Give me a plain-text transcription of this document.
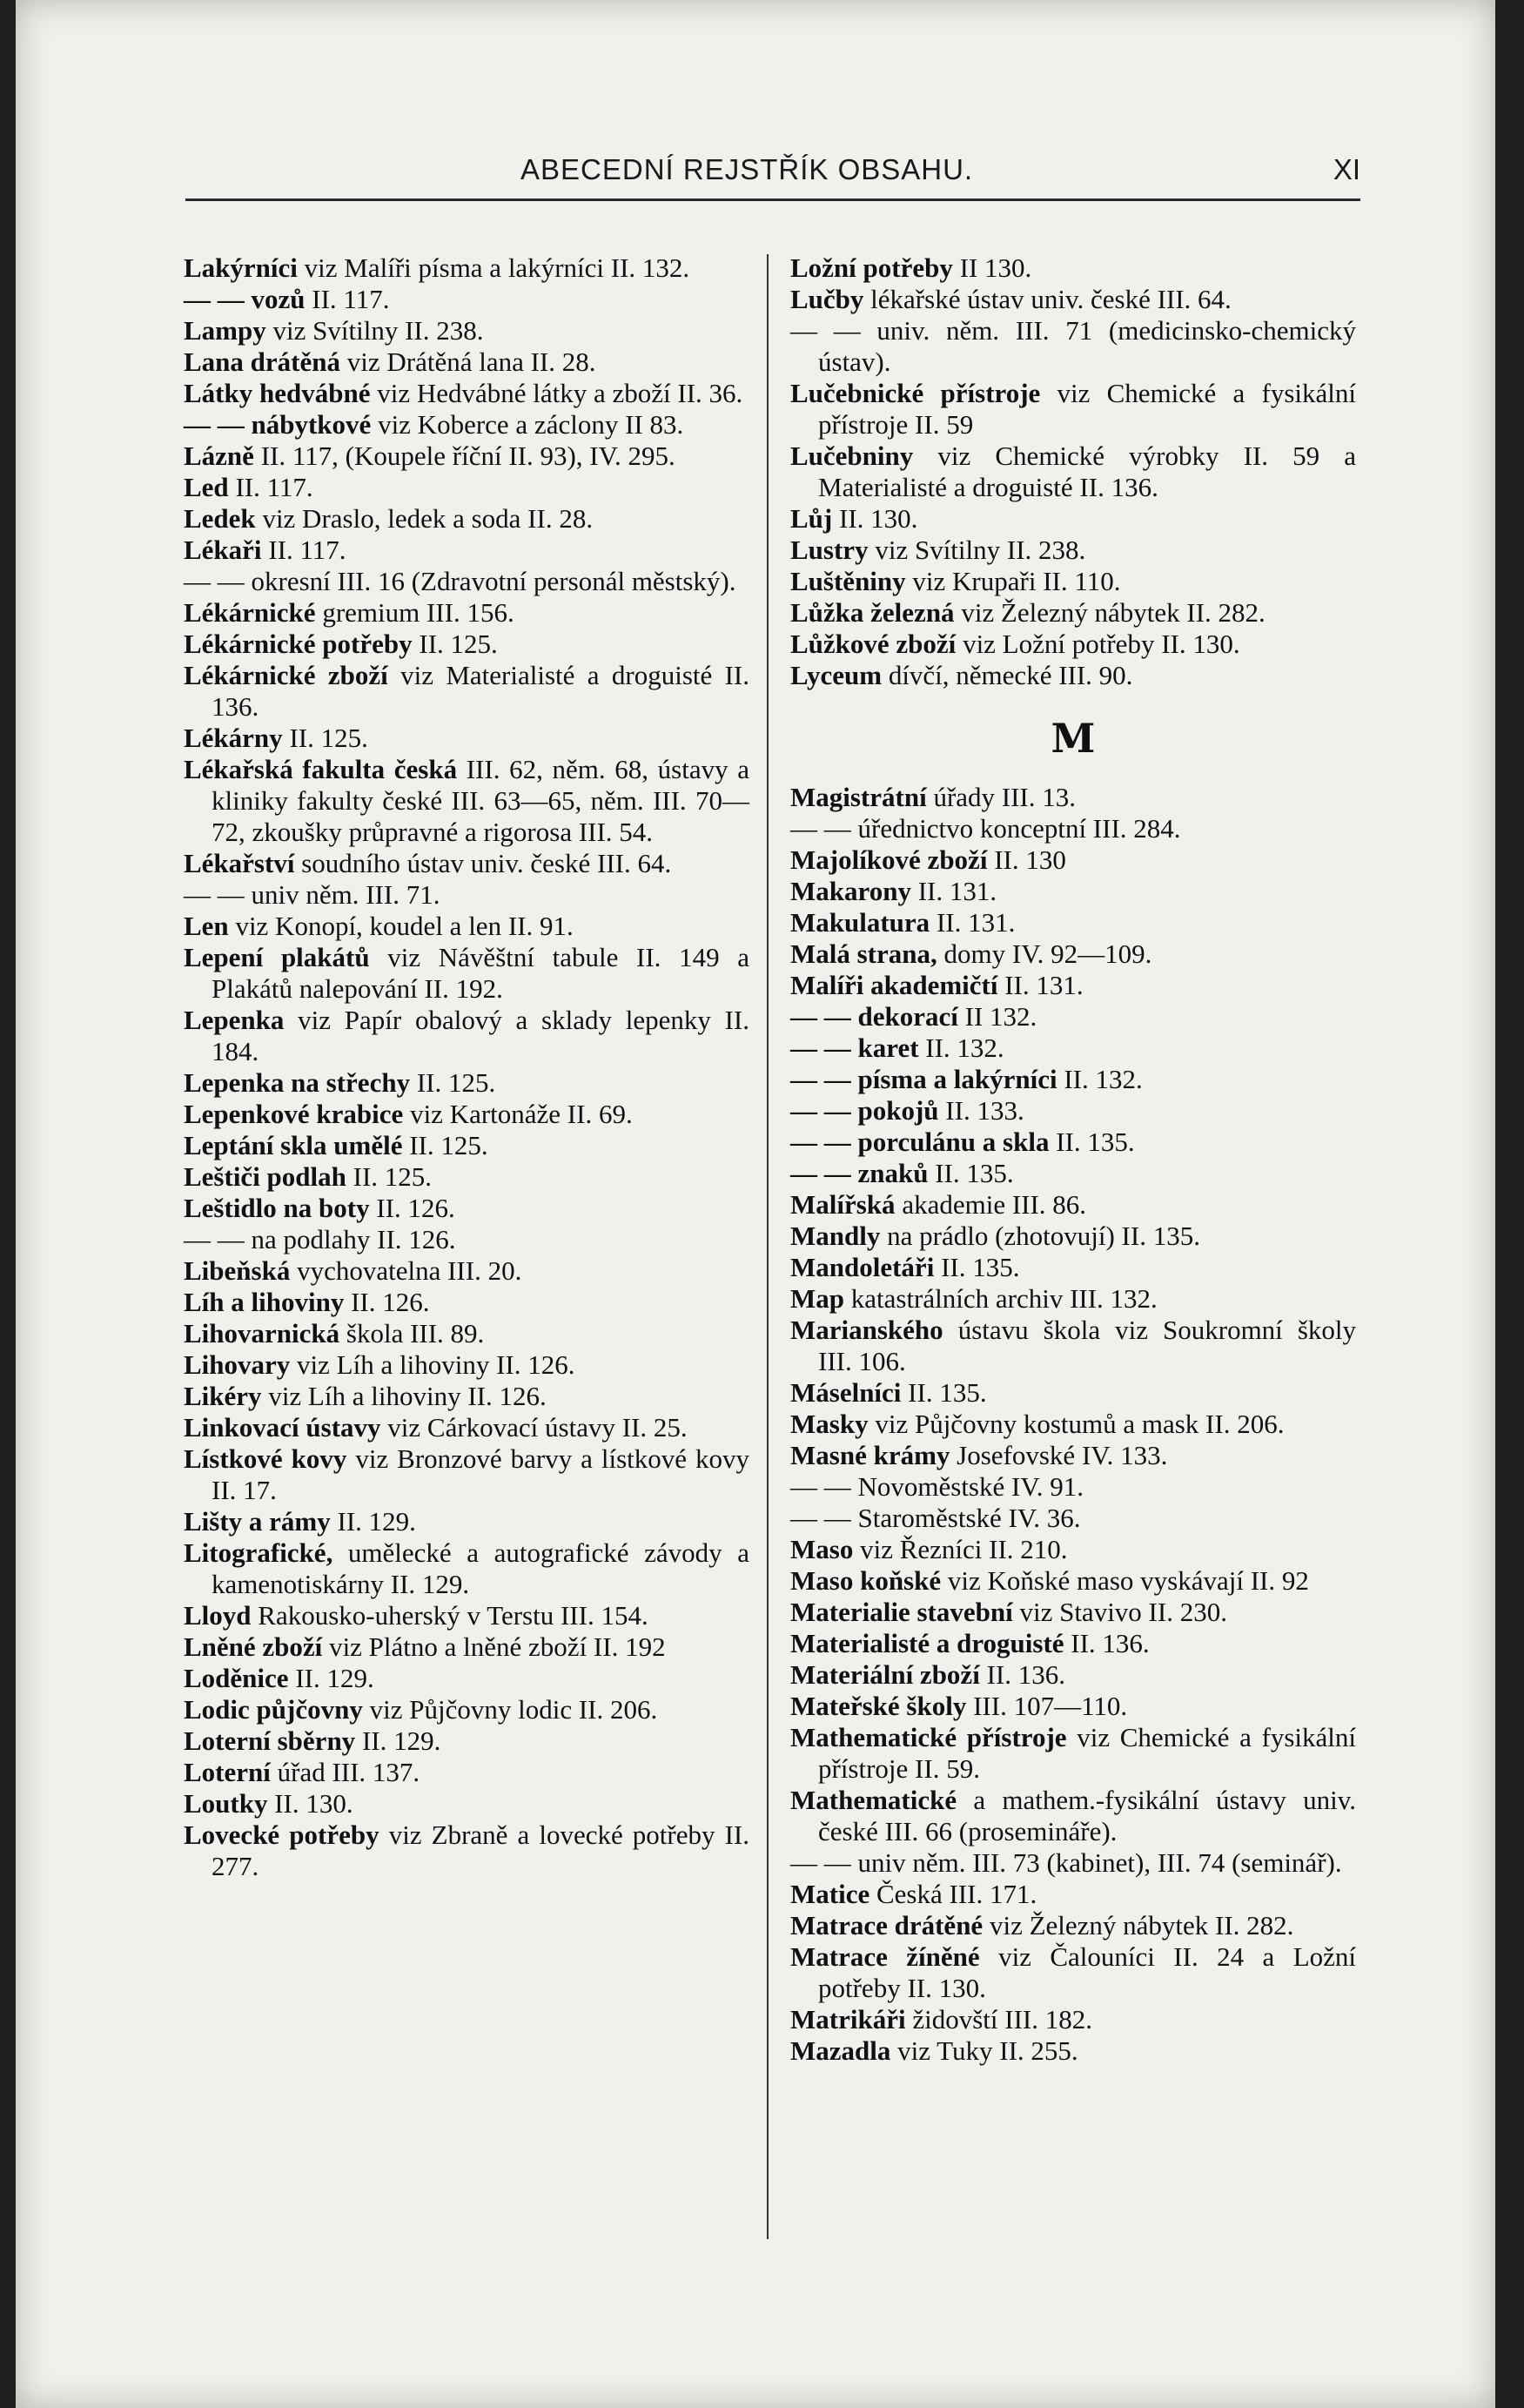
ABECEDNÍ REJSTŘÍK OBSAHU.	XI

Lakýrníci viz Malíři písma a lakýrníci II. 132.

— — vozů II. 117.

Lampy viz Svítilny II. 238.

Lana drátěná viz Drátěná lana II. 28.

Látky hedvábné viz Hedvábné látky a zboží II. 36.

— — nábytkové viz Koberce a záclony II 83.

Lázně II. 117, (Koupele říční II. 93), IV. 295.

Led II. 117.

Ledek viz Draslo, ledek a soda II. 28.

Lékaři II. 117.

— — okresní III. 16 (Zdravotní personál městský).

Lékárnické gremium III. 156.

Lékárnické potřeby II. 125.

Lékárnické zboží viz Materialisté a droguisté II. 136.

Lékárny II. 125.

Lékařská fakulta česká III. 62, něm. 68, ústavy a kliniky fakulty české III. 63—65, něm. III. 70—72, zkoušky průpravné a rigorosa III. 54.

Lékařství soudního ústav univ. české III. 64.

— — univ něm. III. 71.

Len viz Konopí, koudel a len II. 91.

Lepení plakátů viz Návěštní tabule II. 149 a Plakátů nalepování II. 192.

Lepenka viz Papír obalový a sklady lepenky II. 184.

Lepenka na střechy II. 125.

Lepenkové krabice viz Kartonáže II. 69.

Leptání skla umělé II. 125.

Leštiči podlah II. 125.

Leštidlo na boty II. 126.

— — na podlahy II. 126.

Libeňská vychovatelna III. 20.

Líh a lihoviny II. 126.

Lihovarnická škola III. 89.

Lihovary viz Líh a lihoviny II. 126.

Likéry viz Líh a lihoviny II. 126.

Linkovací ústavy viz Cárkovací ústavy II. 25.

Lístkové kovy viz Bronzové barvy a lístkové kovy II. 17.

Lišty a rámy II. 129.

Litografické, umělecké a autografické závody a kamenotiskárny II. 129.

Lloyd Rakousko-uherský v Terstu III. 154.

Lněné zboží viz Plátno a lněné zboží II. 192

Loděnice II. 129.

Lodic půjčovny viz Půjčovny lodic II. 206.

Loterní sběrny II. 129.

Loterní úřad III. 137.

Loutky II. 130.

Lovecké potřeby viz Zbraně a lovecké potřeby II. 277.

Ložní potřeby II 130.

Lučby lékařské ústav univ. české III. 64.

— — univ. něm. III. 71 (medicinsko-chemický ústav).

Lučebnické přístroje viz Chemické a fysikální přístroje II. 59

Lučebniny viz Chemické výrobky II. 59 a Materialisté a droguisté II. 136.

Lůj II. 130.

Lustry viz Svítilny II. 238.

Luštěniny viz Krupaři II. 110.

Lůžka železná viz Železný nábytek II. 282.

Lůžkové zboží viz Ložní potřeby II. 130.

Lyceum dívčí, německé III. 90.

M

Magistrátní úřady III. 13.

— — úřednictvo konceptní III. 284.

Majolíkové zboží II. 130

Makarony II. 131.

Makulatura II. 131.

Malá strana, domy IV. 92—109.

Malíři akademičtí II. 131.

— — dekorací II 132.

— — karet II. 132.

— — písma a lakýrníci II. 132.

— — pokojů II. 133.

— — porculánu a skla II. 135.

— — znaků II. 135.

Malířská akademie III. 86.

Mandly na prádlo (zhotovují) II. 135.

Mandoletáři II. 135.

Map katastrálních archiv III. 132.

Marianského ústavu škola viz Soukromní školy III. 106.

Máselníci II. 135.

Masky viz Půjčovny kostumů a mask II. 206.

Masné krámy Josefovské IV. 133.

— — Novoměstské IV. 91.

— — Staroměstské IV. 36.

Maso viz Řezníci II. 210.

Maso koňské viz Koňské maso vyskávají II. 92

Materialie stavební viz Stavivo II. 230.

Materialisté a droguisté II. 136.

Materiální zboží II. 136.

Mateřské školy III. 107—110.

Mathematické přístroje viz Chemické a fysikální přístroje II. 59.

Mathematické a mathem.-fysikální ústavy univ. české III. 66 (prosemináře).

— — univ něm. III. 73 (kabinet), III. 74 (seminář).

Matice Česká III. 171.

Matrace drátěné viz Železný nábytek II. 282.

Matrace žíněné viz Čalouníci II. 24 a Ložní potřeby II. 130.

Matrikáři židovští III. 182.

Mazadla viz Tuky II. 255.
